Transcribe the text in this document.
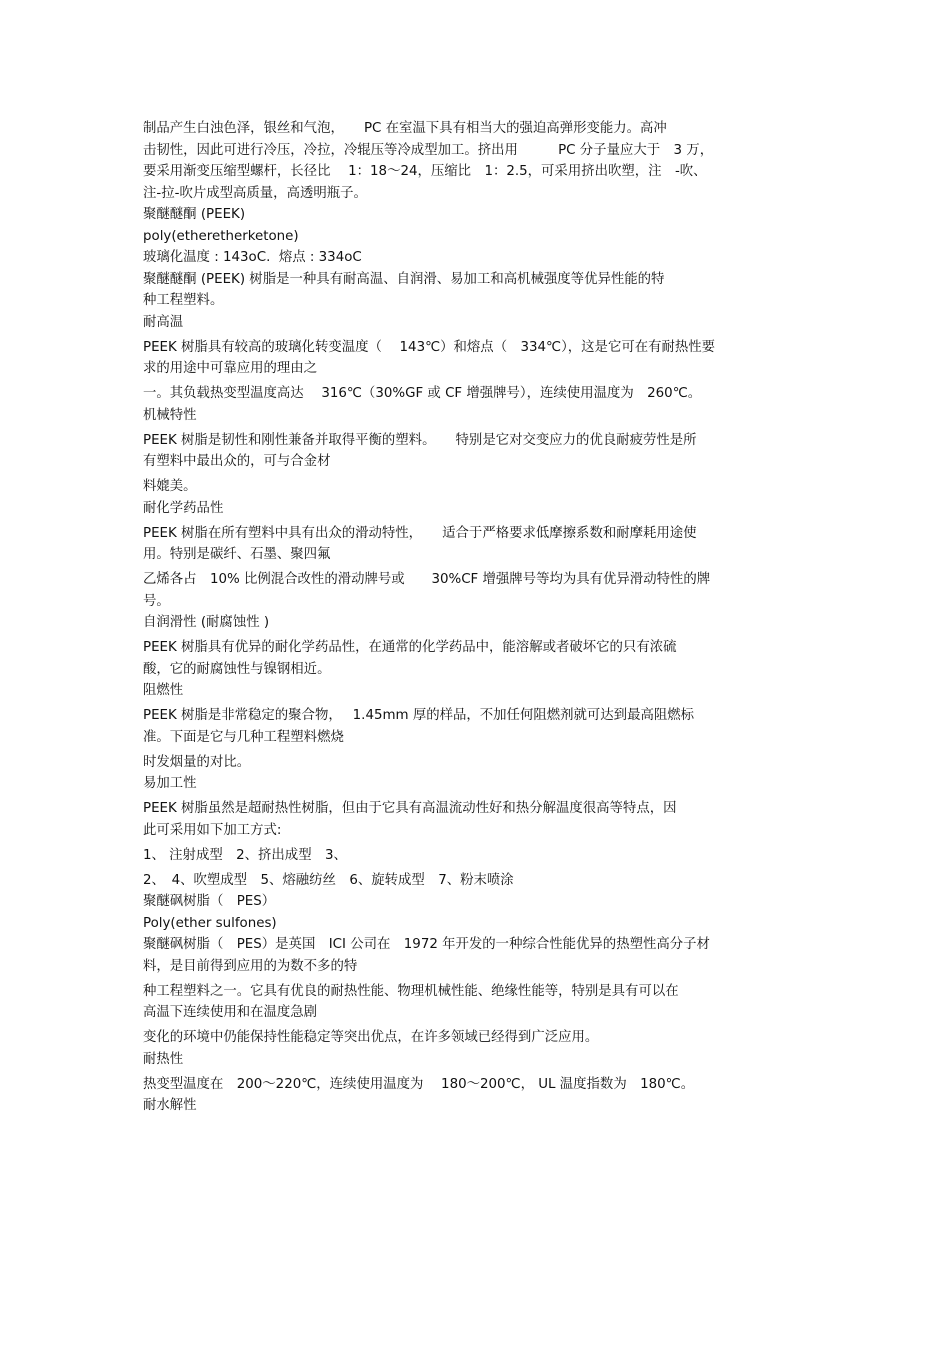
制品产生白浊色泽，银丝和气泡，　　PC 在室温下具有相当大的强迫高弹形变能力。高冲
击韧性，因此可进行冷压，冷拉，冷辊压等冷成型加工。挤出用　　　PC 分子量应大于　3 万，
要采用渐变压缩型螺杆，长径比　 1：18～24，压缩比　1：2.5，可采用挤出吹塑，注　-吹、
注-拉-吹片成型高质量，高透明瓶子。
聚醚醚酮 (PEEK)
poly(etheretherketone)
玻璃化温度 : 143oC.  熔点 : 334oC
聚醚醚酮 (PEEK) 树脂是一种具有耐高温、自润滑、易加工和高机械强度等优异性能的特
种工程塑料。
耐高温
PEEK 树脂具有较高的玻璃化转变温度（　 143℃）和熔点（　334℃），这是它可在有耐热性要
求的用途中可靠应用的理由之
一。其负载热变型温度高达　 316℃（30%GF 或 CF 增强牌号），连续使用温度为　260℃。
机械特性
PEEK 树脂是韧性和刚性兼备并取得平衡的塑料。　　特别是它对交变应力的优良耐疲劳性是所
有塑料中最出众的，可与合金材
料媲美。
耐化学药品性
PEEK 树脂在所有塑料中具有出众的滑动特性，　　适合于严格要求低摩擦系数和耐摩耗用途使
用。特别是碳纤、石墨、聚四氟
乙烯各占　10% 比例混合改性的滑动牌号或　　30%CF 增强牌号等均为具有优异滑动特性的牌
号。
自润滑性 (耐腐蚀性 )
PEEK 树脂具有优异的耐化学药品性，在通常的化学药品中，能溶解或者破坏它的只有浓硫
酸，它的耐腐蚀性与镍钢相近。
阻燃性
PEEK 树脂是非常稳定的聚合物，　 1.45mm 厚的样品，不加任何阻燃剂就可达到最高阻燃标
准。下面是它与几种工程塑料燃烧
时发烟量的对比。
易加工性
PEEK 树脂虽然是超耐热性树脂，但由于它具有高温流动性好和热分解温度很高等特点，因
此可采用如下加工方式:
1、 注射成型　2、挤出成型　3、
2、　4、吹塑成型　5、熔融纺丝　6、旋转成型　7、粉末喷涂
聚醚砜树脂（　PES）
Poly(ether sulfones)
聚醚砜树脂（　PES）是英国　ICI 公司在　1972 年开发的一种综合性能优异的热塑性高分子材
料，是目前得到应用的为数不多的特
种工程塑料之一。它具有优良的耐热性能、物理机械性能、绝缘性能等，特别是具有可以在
高温下连续使用和在温度急剧
变化的环境中仍能保持性能稳定等突出优点，在许多领域已经得到广泛应用。
耐热性
热变型温度在　200～220℃，连续使用温度为　 180～200℃， UL 温度指数为　180℃。
耐水解性
